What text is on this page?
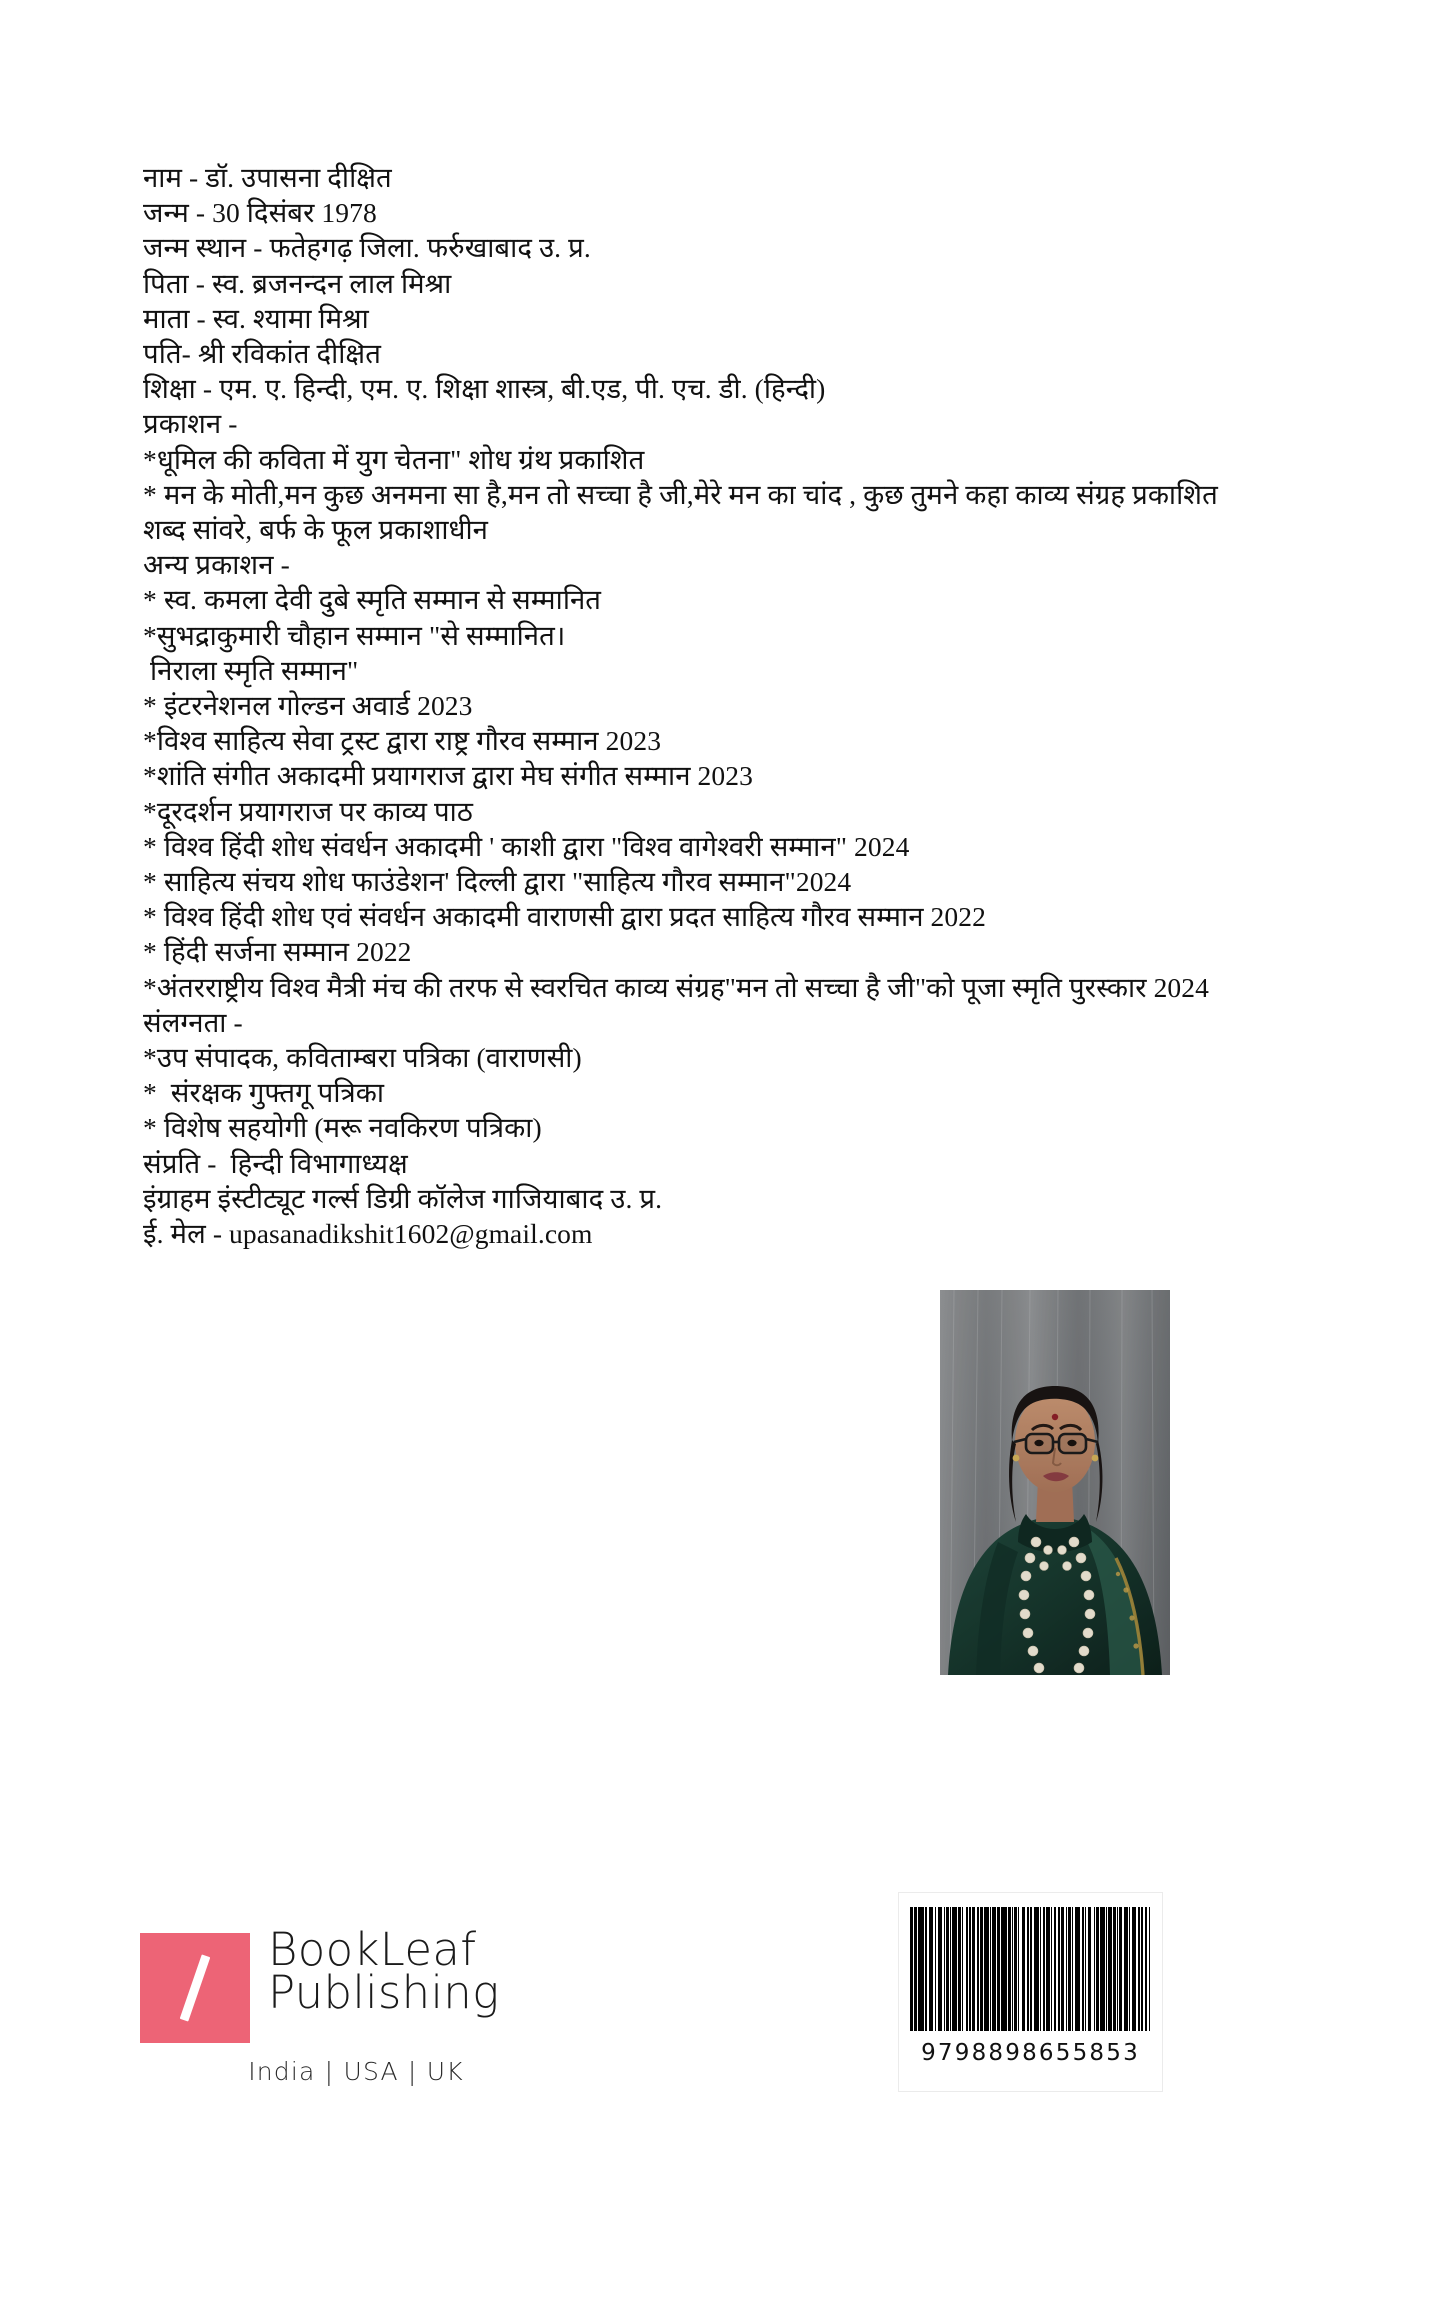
नाम - डॉ. उपासना दीक्षित
जन्म - 30 दिसंबर 1978
जन्म स्थान - फतेहगढ़ जिला. फर्रुखाबाद उ. प्र.
पिता - स्व. ब्रजनन्दन लाल मिश्रा
माता - स्व. श्यामा मिश्रा
पति- श्री रविकांत दीक्षित
शिक्षा - एम. ए. हिन्दी, एम. ए. शिक्षा शास्त्र, बी.एड, पी. एच. डी. (हिन्दी)
प्रकाशन -
*धूमिल की कविता में युग चेतना" शोध ग्रंथ प्रकाशित
* मन के मोती,मन कुछ अनमना सा है,मन तो सच्चा है जी,मेरे मन का चांद , कुछ तुमने कहा काव्य संग्रह प्रकाशित
शब्द सांवरे, बर्फ के फूल प्रकाशाधीन
अन्य प्रकाशन -
* स्व. कमला देवी दुबे स्मृति सम्मान से सम्मानित
*सुभद्राकुमारी चौहान सम्मान "से सम्मानित।
निराला स्मृति सम्मान"
* इंटरनेशनल गोल्डन अवार्ड 2023
*विश्व साहित्य सेवा ट्रस्ट द्वारा राष्ट्र गौरव सम्मान 2023
*शांति संगीत अकादमी प्रयागराज द्वारा मेघ संगीत सम्मान 2023
*दूरदर्शन प्रयागराज पर काव्य पाठ
* विश्व हिंदी शोध संवर्धन अकादमी ' काशी द्वारा "विश्व वागेश्वरी सम्मान" 2024
* साहित्य संचय शोध फाउंडेशन' दिल्ली द्वारा "साहित्य गौरव सम्मान"2024
* विश्व हिंदी शोध एवं संवर्धन अकादमी वाराणसी द्वारा प्रदत साहित्य गौरव सम्मान 2022
* हिंदी सर्जना सम्मान 2022
*अंतरराष्ट्रीय विश्व मैत्री मंच की तरफ से स्वरचित काव्य संग्रह"मन तो सच्चा है जी"को पूजा स्मृति पुरस्कार 2024
संलग्नता -
*उप संपादक, कविताम्बरा पत्रिका (वाराणसी)
*  संरक्षक गुफ्तगू पत्रिका
* विशेष सहयोगी (मरू नवकिरण पत्रिका)
संप्रति -  हिन्दी विभागाध्यक्ष
इंग्राहम इंस्टीट्यूट गर्ल्स डिग्री कॉलेज गाजियाबाद उ. प्र.
ई. मेल - upasanadikshit1602@gmail.com
BookLeaf
Publishing
India | USA | UK
9798898655853
